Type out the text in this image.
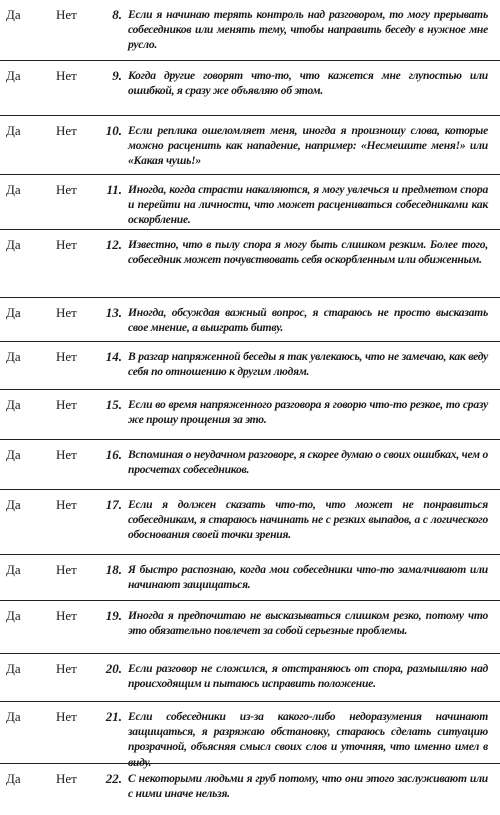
Да	Нет	8. Если я начинаю терять контроль над разговором, то могу прерывать собеседников или менять тему, чтобы направить беседу в нужное мне русло.
Да	Нет	9. Когда другие говорят что-то, что кажется мне глупостью или ошибкой, я сразу же объявляю об этом.
Да	Нет	10. Если реплика ошеломляет меня, иногда я произношу слова, которые можно расценить как нападение, например: «Несмешите меня!» или «Какая чушь!»
Да	Нет	11. Иногда, когда страсти накаляются, я могу увлечься и предметом спора и перейти на личности, что может расцениваться собеседниками как оскорбление.
Да	Нет	12. Известно, что в пылу спора я могу быть слишком резким. Более того, собеседник может почувствовать себя оскорбленным или обиженным.
Да	Нет	13. Иногда, обсуждая важный вопрос, я стараюсь не просто высказать свое мнение, а выиграть битву.
Да	Нет	14. В разгар напряженной беседы я так увлекаюсь, что не замечаю, как веду себя по отношению к другим людям.
Да	Нет	15. Если во время напряженного разговора я говорю что-то резкое, то сразу же прошу прощения за это.
Да	Нет	16. Вспоминая о неудачном разговоре, я скорее думаю о своих ошибках, чем о просчетах собеседников.
Да	Нет	17. Если я должен сказать что-то, что может не понравиться собеседникам, я стараюсь начинать не с резких выпадов, а с логического обоснования своей точки зрения.
Да	Нет	18. Я быстро распознаю, когда мои собеседники что-то замалчивают или начинают защищаться.
Да	Нет	19. Иногда я предпочитаю не высказываться слишком резко, потому что это обязательно повлечет за собой серьезные проблемы.
Да	Нет	20. Если разговор не сложился, я отстраняюсь от спора, размышляю над происходящим и пытаюсь исправить положение.
Да	Нет	21. Если собеседники из-за какого-либо недоразумения начинают защищаться, я разряжаю обстановку, стараюсь сделать ситуацию прозрачной, объясняя смысл своих слов и уточняя, что именно имел в виду.
Да	Нет	22. С некоторыми людьми я груб потому, что они этого заслуживают или с ними иначе нельзя.
